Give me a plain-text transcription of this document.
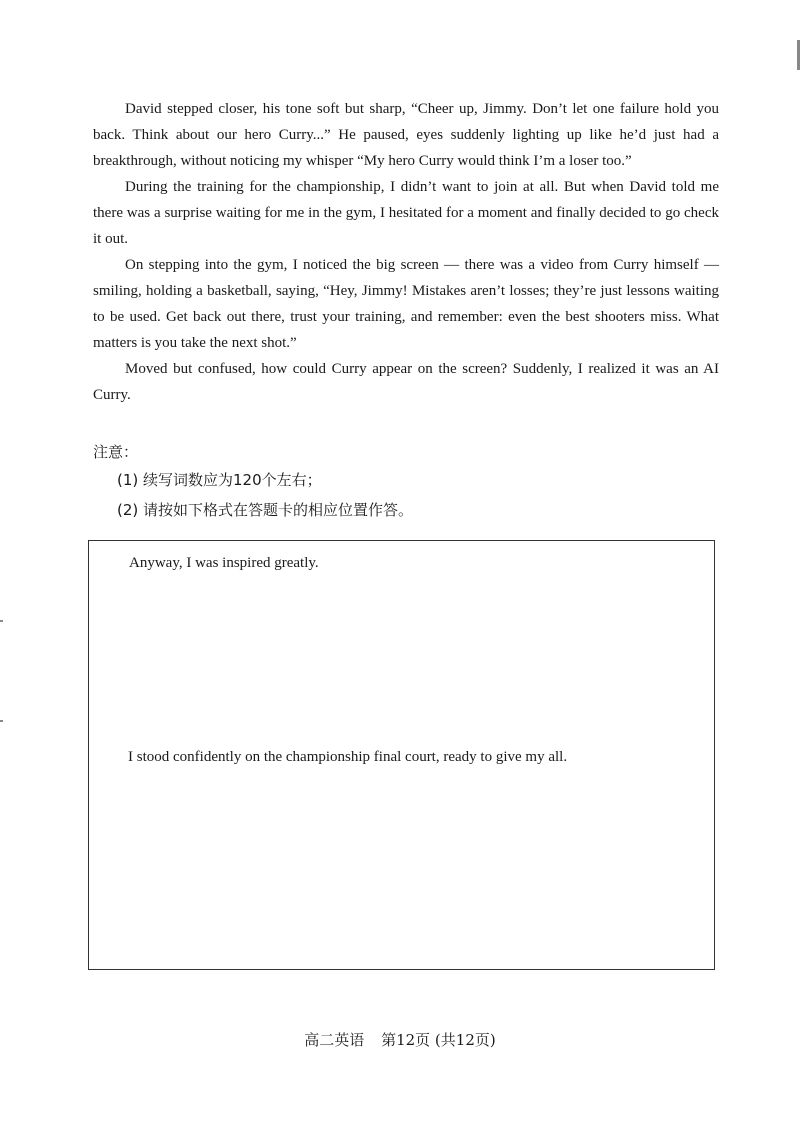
David stepped closer, his tone soft but sharp, “Cheer up, Jimmy. Don’t let one failure hold you back. Think about our hero Curry...” He paused, eyes suddenly lighting up like he’d just had a breakthrough, without noticing my whisper “My hero Curry would think I’m a loser too.”

During the training for the championship, I didn’t want to join at all. But when David told me there was a surprise waiting for me in the gym, I hesitated for a moment and finally decided to go check it out.

On stepping into the gym, I noticed the big screen — there was a video from Curry himself — smiling, holding a basketball, saying, “Hey, Jimmy! Mistakes aren’t losses; they’re just lessons waiting to be used. Get back out there, trust your training, and remember: even the best shooters miss. What matters is you take the next shot.”

Moved but confused, how could Curry appear on the screen? Suddenly, I realized it was an AI Curry.

注意：
(1) 续写词数应为120个左右；
(2) 请按如下格式在答题卡的相应位置作答。

Anyway, I was inspired greatly.

I stood confidently on the championship final court, ready to give my all.

高二英语 第12页 (共12页)
